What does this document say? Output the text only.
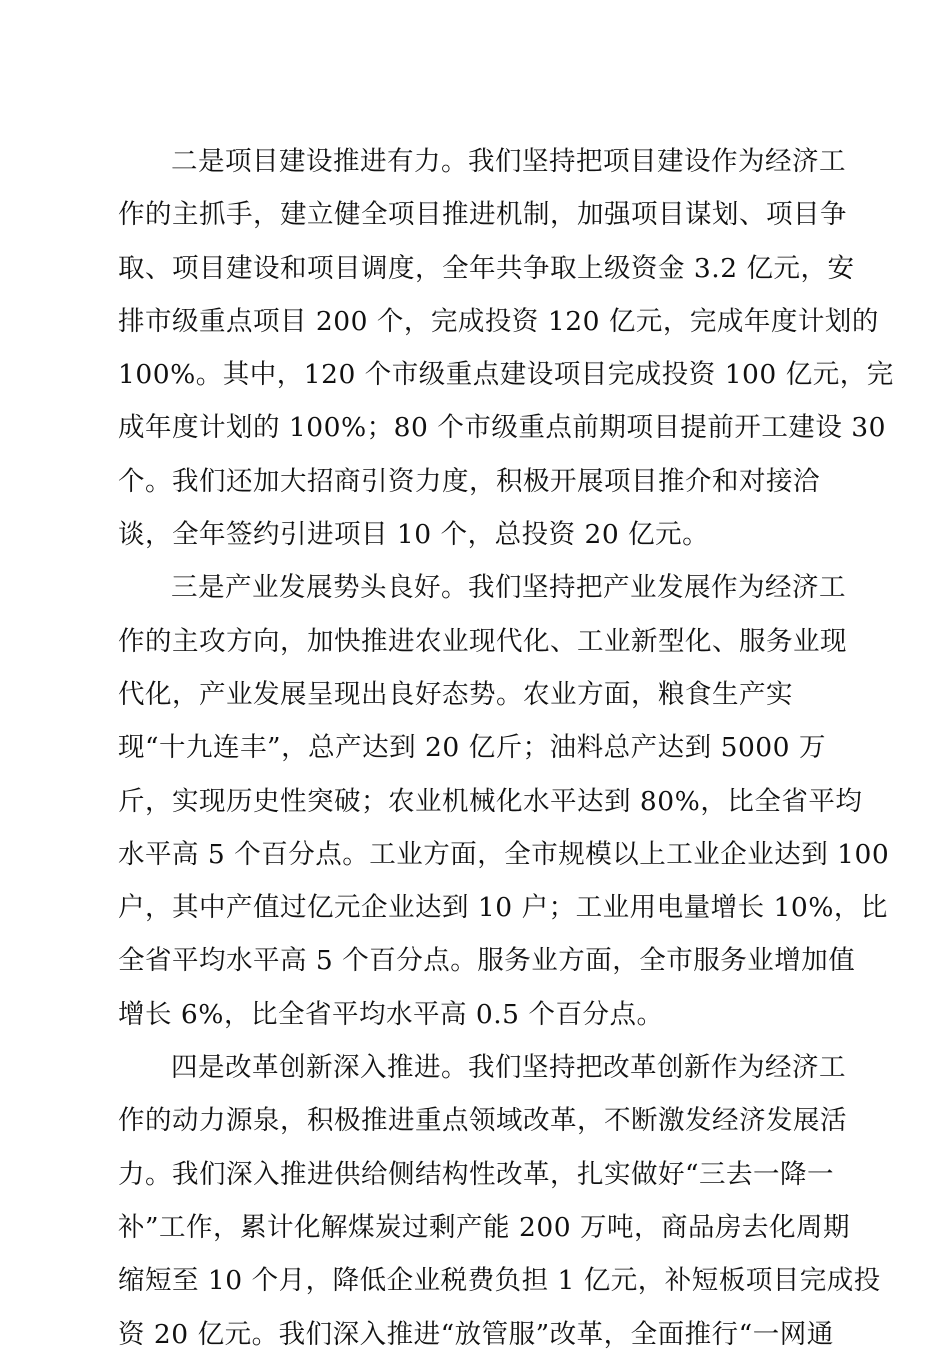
二是项目建设推进有力。我们坚持把项目建设作为经济工
作的主抓手，建立健全项目推进机制，加强项目谋划、项目争
取、项目建设和项目调度，全年共争取上级资金 3.2 亿元，安
排市级重点项目 200 个，完成投资 120 亿元，完成年度计划的
100%。其中，120 个市级重点建设项目完成投资 100 亿元，完
成年度计划的 100%；80 个市级重点前期项目提前开工建设 30
个。我们还加大招商引资力度，积极开展项目推介和对接洽
谈，全年签约引进项目 10 个，总投资 20 亿元。
三是产业发展势头良好。我们坚持把产业发展作为经济工
作的主攻方向，加快推进农业现代化、工业新型化、服务业现
代化，产业发展呈现出良好态势。农业方面，粮食生产实
现“十九连丰”，总产达到 20 亿斤；油料总产达到 5000 万
斤，实现历史性突破；农业机械化水平达到 80%，比全省平均
水平高 5 个百分点。工业方面，全市规模以上工业企业达到 100
户，其中产值过亿元企业达到 10 户；工业用电量增长 10%，比
全省平均水平高 5 个百分点。服务业方面，全市服务业增加值
增长 6%，比全省平均水平高 0.5 个百分点。
四是改革创新深入推进。我们坚持把改革创新作为经济工
作的动力源泉，积极推进重点领域改革，不断激发经济发展活
力。我们深入推进供给侧结构性改革，扎实做好“三去一降一
补”工作，累计化解煤炭过剩产能 200 万吨，商品房去化周期
缩短至 10 个月，降低企业税费负担 1 亿元，补短板项目完成投
资 20 亿元。我们深入推进“放管服”改革，全面推行“一网通
